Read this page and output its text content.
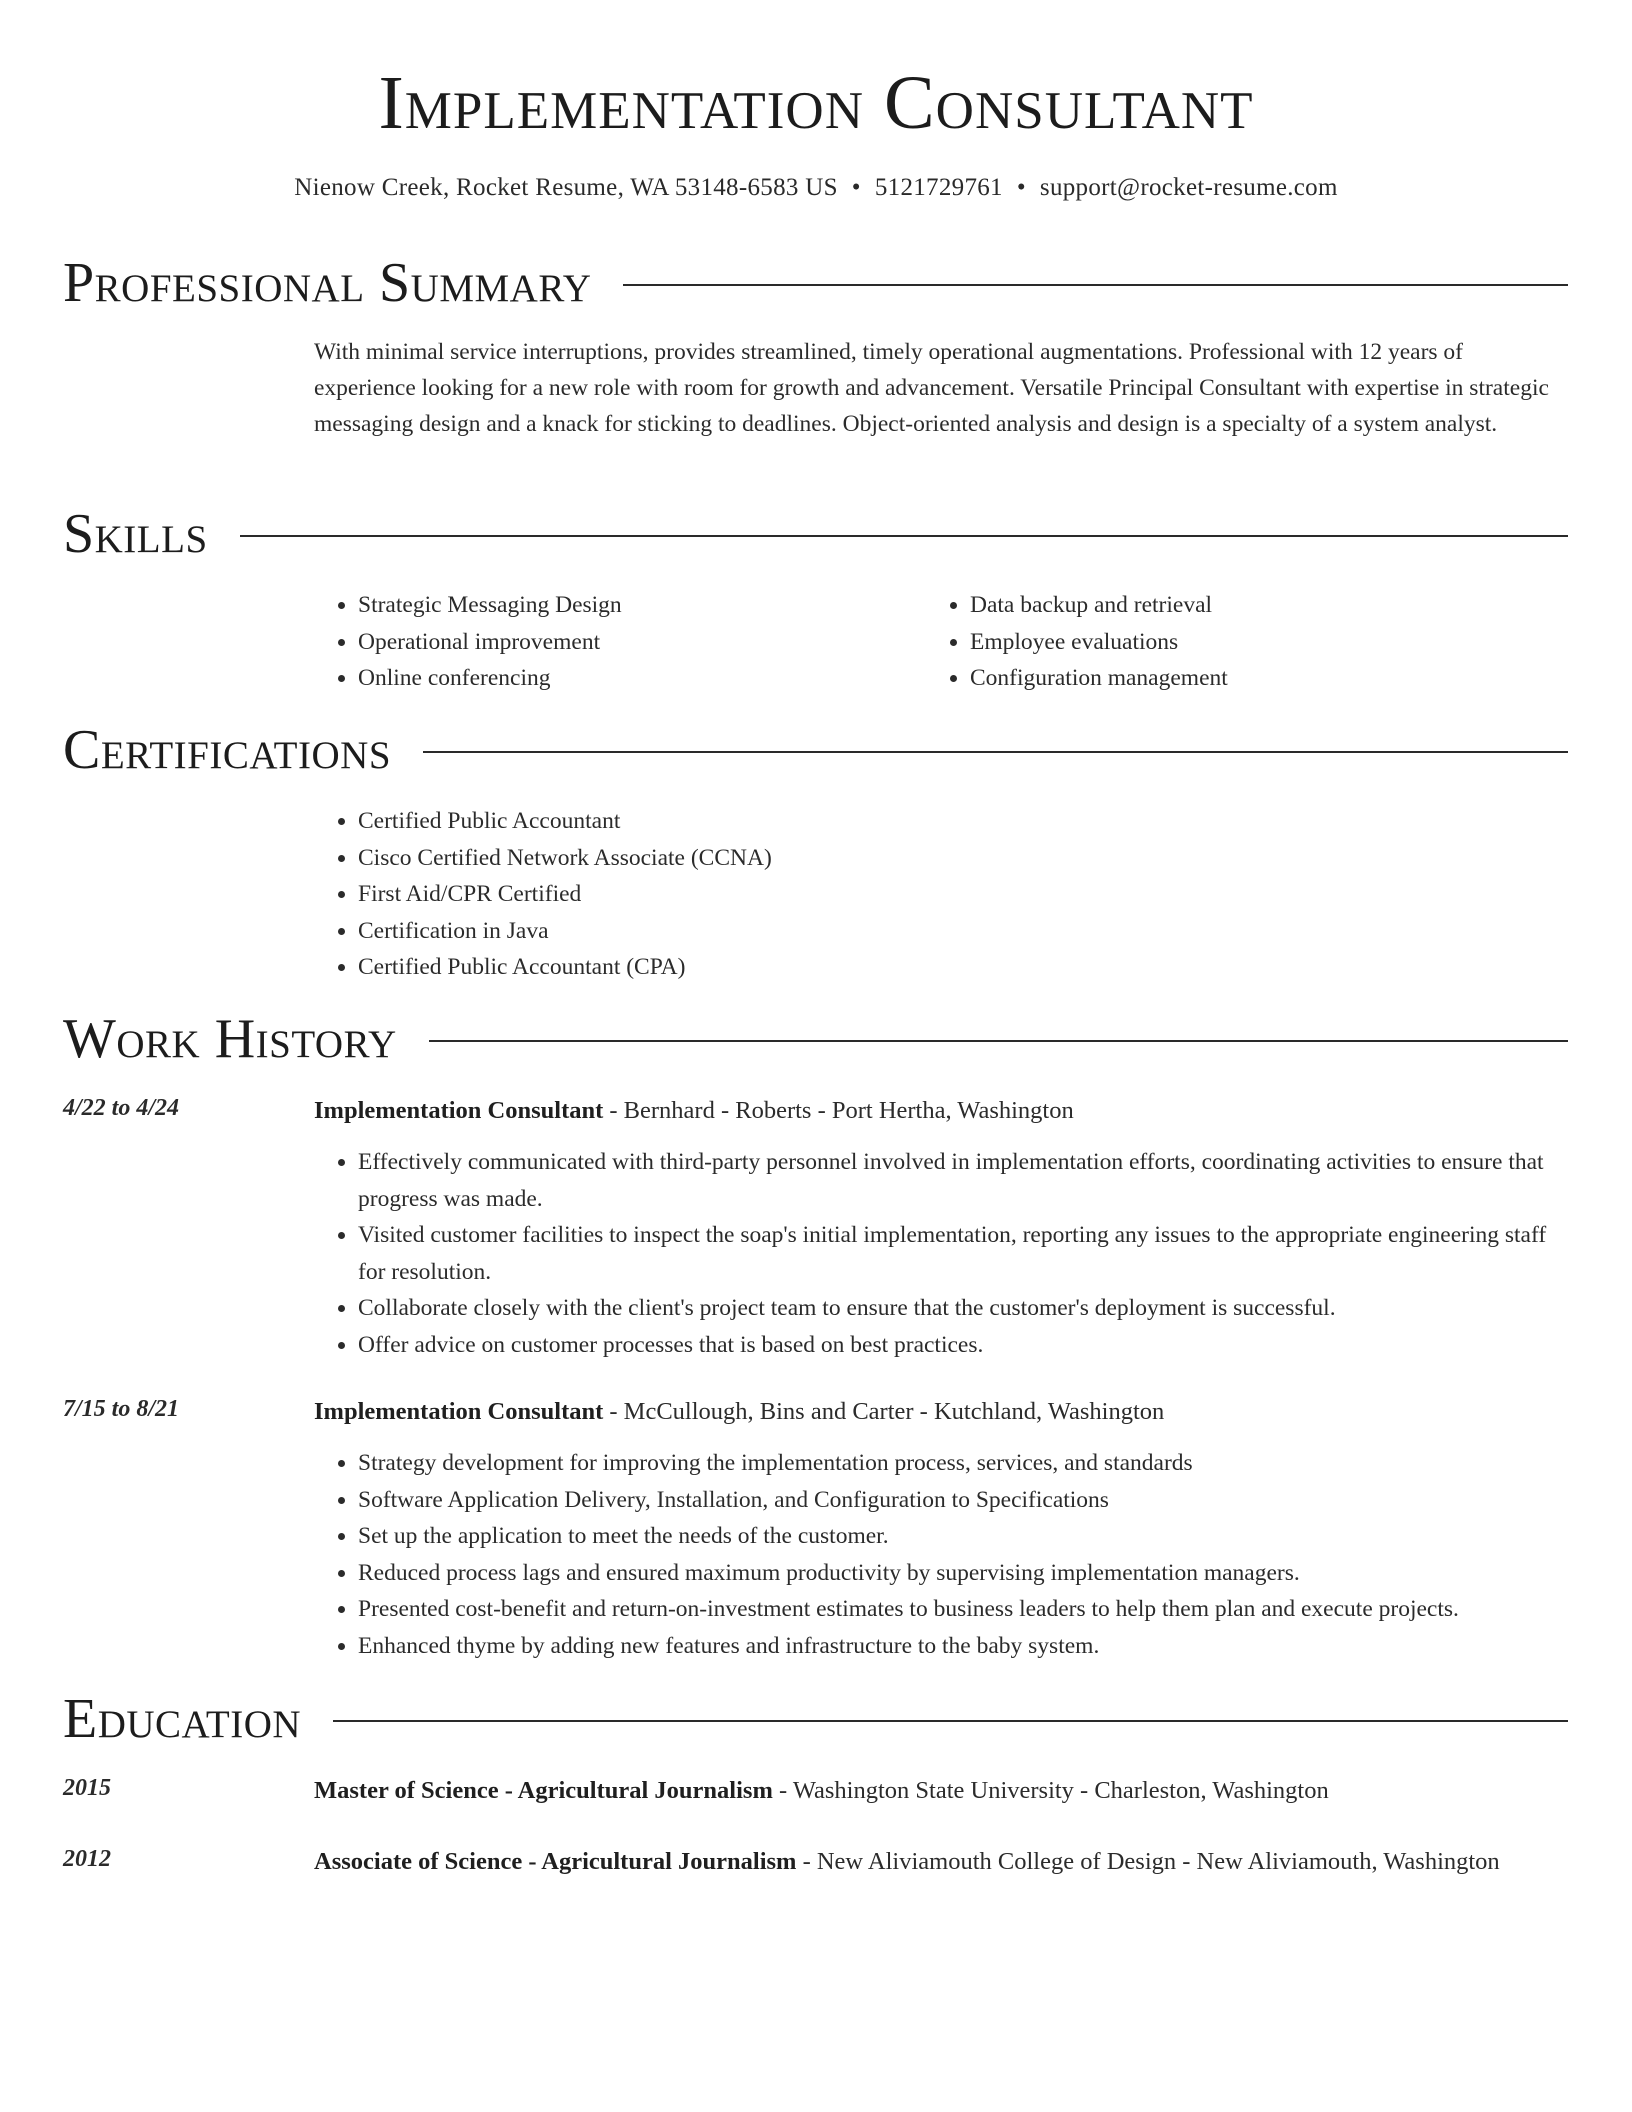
Implementation Consultant
Nienow Creek, Rocket Resume, WA 53148-6583 US • 5121729761 • support@rocket-resume.com
Professional Summary

With minimal service interruptions, provides streamlined, timely operational augmentations. Professional with 12 years of experience looking for a new role with room for growth and advancement. Versatile Principal Consultant with expertise in strategic messaging design and a knack for sticking to deadlines. Object-oriented analysis and design is a specialty of a system analyst.

Skills
• Strategic Messaging Design
• Operational improvement
• Online conferencing
• Data backup and retrieval
• Employee evaluations
• Configuration management
Certifications
• Certified Public Accountant
• Cisco Certified Network Associate (CCNA)
• First Aid/CPR Certified
• Certification in Java
• Certified Public Accountant (CPA)
Work History
4/22 to 4/24	Implementation Consultant - Bernhard - Roberts - Port Hertha, Washington
• Effectively communicated with third-party personnel involved in implementation efforts, coordinating activities to ensure that progress was made.
• Visited customer facilities to inspect the soap's initial implementation, reporting any issues to the appropriate engineering staff for resolution.
• Collaborate closely with the client's project team to ensure that the customer's deployment is successful.
• Offer advice on customer processes that is based on best practices.
7/15 to 8/21	Implementation Consultant - McCullough, Bins and Carter - Kutchland, Washington
• Strategy development for improving the implementation process, services, and standards
• Software Application Delivery, Installation, and Configuration to Specifications
• Set up the application to meet the needs of the customer.
• Reduced process lags and ensured maximum productivity by supervising implementation managers.
• Presented cost-benefit and return-on-investment estimates to business leaders to help them plan and execute projects.
• Enhanced thyme by adding new features and infrastructure to the baby system.
Education
2015	Master of Science - Agricultural Journalism - Washington State University - Charleston, Washington
2012	Associate of Science - Agricultural Journalism - New Aliviamouth College of Design - New Aliviamouth, Washington
